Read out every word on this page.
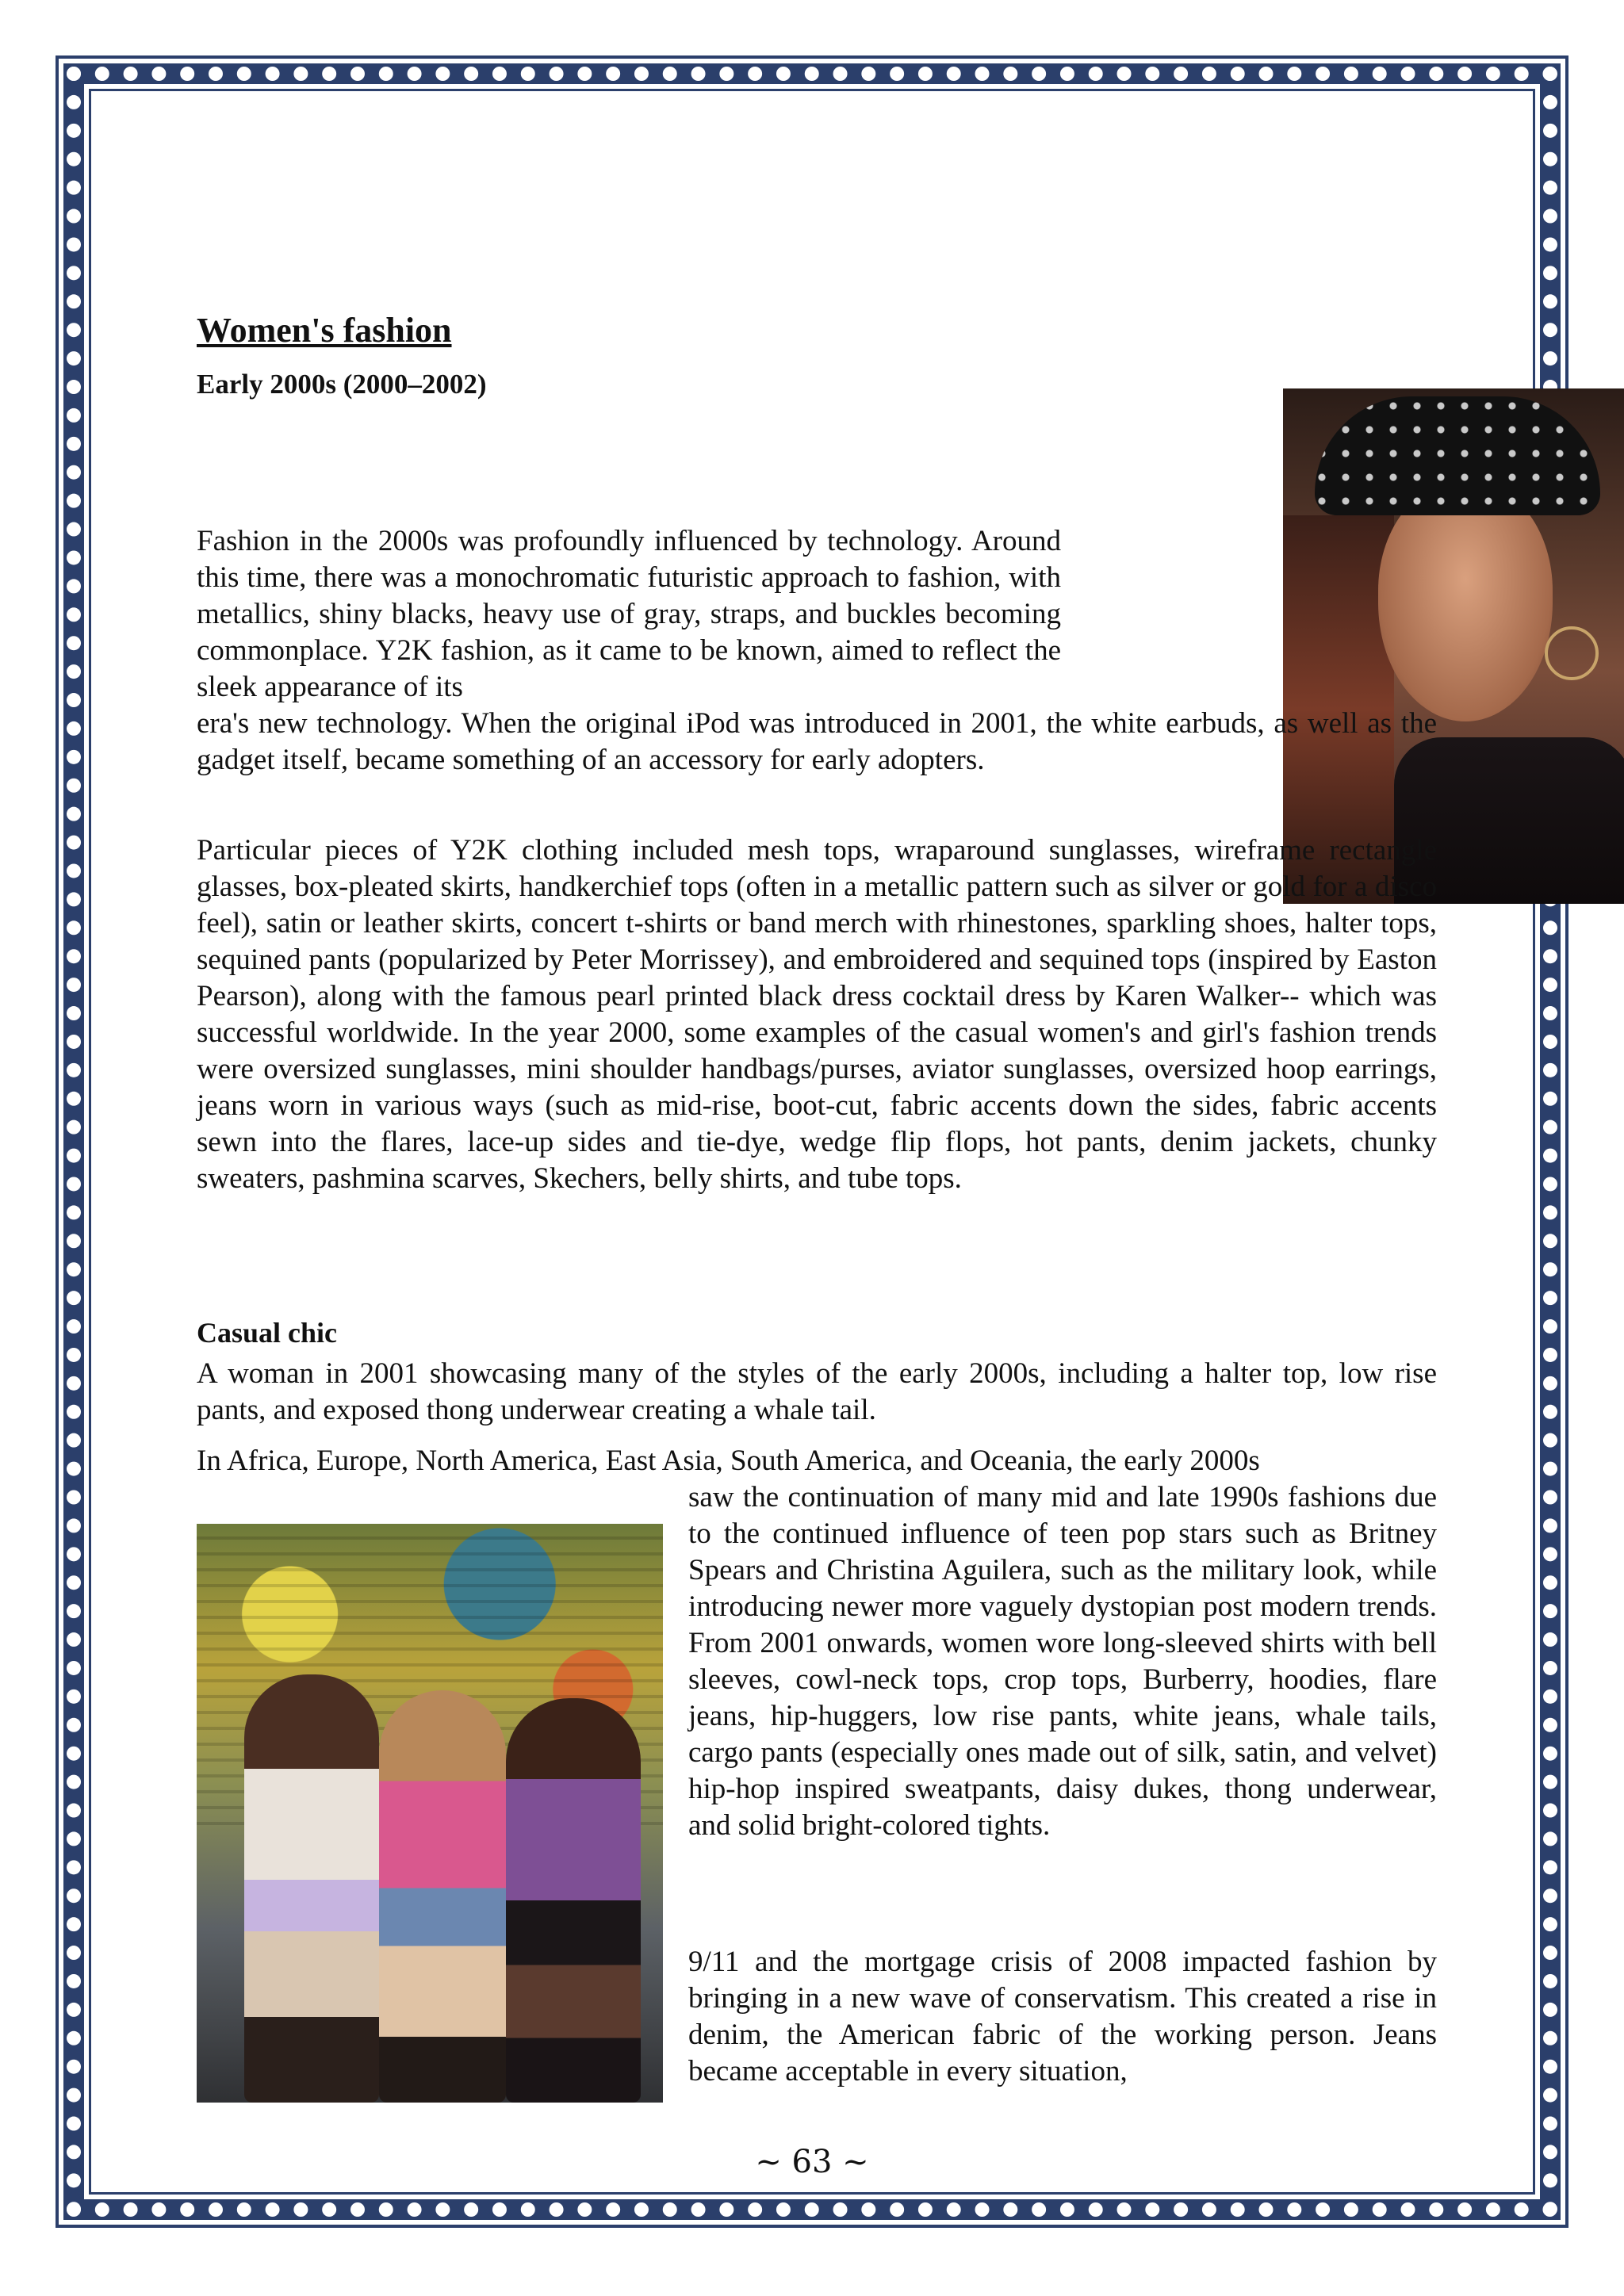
Women's fashion
Early 2000s (2000–2002)
Fashion in the 2000s was profoundly influenced by technology. Around this time, there was a monochromatic futuristic approach to fashion, with metallics, shiny blacks, heavy use of gray, straps, and buckles becoming commonplace. Y2K fashion, as it came to be known, aimed to reflect the sleek appearance of its
era's new technology. When the original iPod was introduced in 2001, the white earbuds, as well as the gadget itself, became something of an accessory for early adopters.
Particular pieces of Y2K clothing included mesh tops, wraparound sunglasses, wireframe rectangle glasses, box-pleated skirts, handkerchief tops (often in a metallic pattern such as silver or gold for a disco feel), satin or leather skirts, concert t-shirts or band merch with rhinestones, sparkling shoes, halter tops, sequined pants (popularized by Peter Morrissey), and embroidered and sequined tops (inspired by Easton Pearson), along with the famous pearl printed black dress cocktail dress by Karen Walker-- which was successful worldwide. In the year 2000, some examples of the casual women's and girl's fashion trends were oversized sunglasses, mini shoulder handbags/purses, aviator sunglasses, oversized hoop earrings, jeans worn in various ways (such as mid-rise, boot-cut, fabric accents down the sides, fabric accents sewn into the flares, lace-up sides and tie-dye, wedge flip flops, hot pants, denim jackets, chunky sweaters, pashmina scarves, Skechers, belly shirts, and tube tops.
Casual chic
A woman in 2001 showcasing many of the styles of the early 2000s, including a halter top, low rise pants, and exposed thong underwear creating a whale tail.
In Africa, Europe, North America, East Asia, South America, and Oceania, the early 2000s
saw the continuation of many mid and late 1990s fashions due to the continued influence of teen pop stars such as Britney Spears and Christina Aguilera, such as the military look, while introducing newer more vaguely dystopian post modern trends. From 2001 onwards, women wore long-sleeved shirts with bell sleeves, cowl-neck tops, crop tops, Burberry, hoodies, flare jeans, hip-huggers, low rise pants, white jeans, whale tails, cargo pants (especially ones made out of silk, satin, and velvet) hip-hop inspired sweatpants, daisy dukes, thong underwear, and solid bright-colored tights.
9/11 and the mortgage crisis of 2008 impacted fashion by bringing in a new wave of conservatism. This created a rise in denim, the American fabric of the working person. Jeans became acceptable in every situation,
~ 63 ~
